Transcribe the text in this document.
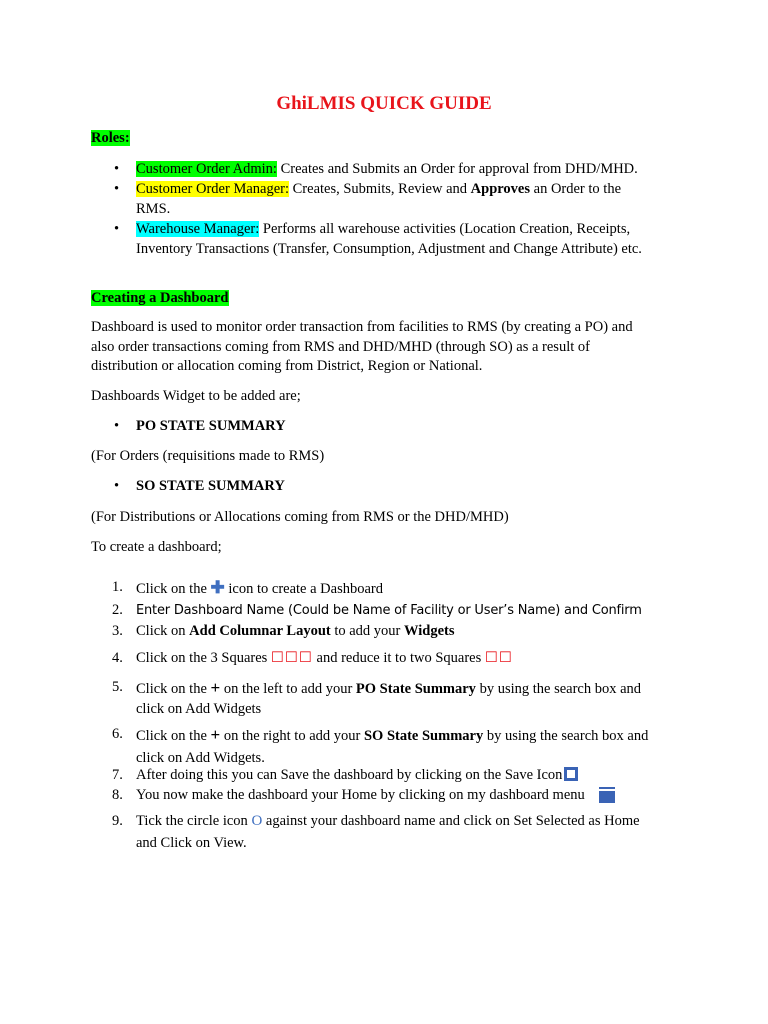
GhiLMIS QUICK GUIDE
Roles:
• Customer Order Admin: Creates and Submits an Order for approval from DHD/MHD.
• Customer Order Manager: Creates, Submits, Review and Approves an Order to the
RMS.
• Warehouse Manager: Performs all warehouse activities (Location Creation, Receipts,
Inventory Transactions (Transfer, Consumption, Adjustment and Change Attribute) etc.
Creating a Dashboard
Dashboard is used to monitor order transaction from facilities to RMS (by creating a PO) and
also order transactions coming from RMS and DHD/MHD (through SO) as a result of
distribution or allocation coming from District, Region or National.
Dashboards Widget to be added are;
• PO STATE SUMMARY
(For Orders (requisitions made to RMS)
• SO STATE SUMMARY
(For Distributions or Allocations coming from RMS or the DHD/MHD)
To create a dashboard;
1. Click on the ✚ icon to create a Dashboard
2. Enter Dashboard Name (Could be Name of Facility or User’s Name) and Confirm
3. Click on Add Columnar Layout to add your Widgets
4. Click on the 3 Squares ☐☐☐ and reduce it to two Squares ☐☐
5. Click on the + on the left to add your PO State Summary by using the search box and
click on Add Widgets
6. Click on the + on the right to add your SO State Summary by using the search box and
click on Add Widgets.
7. After doing this you can Save the dashboard by clicking on the Save Icon
8. You now make the dashboard your Home by clicking on my dashboard menu
9. Tick the circle icon O against your dashboard name and click on Set Selected as Home
and Click on View.
